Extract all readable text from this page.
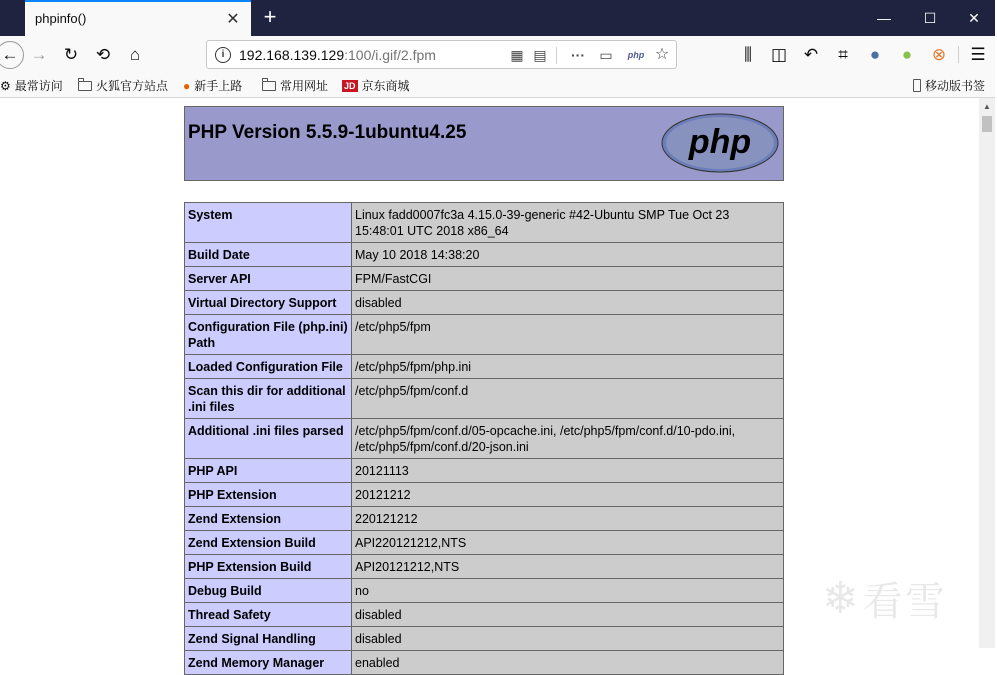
phpinfo()	✕ +	—	☐	✕
← → ↻ ⟲	⌂	i	192.168.139.129:100/i.gif/2.fpm	▦ ▤	···	▭	php ☆	⫼	◫ ↶	⌗	●	●	⊗ ☰
⚙ 最常访问	火狐官方站点 ● 新手上路	常用网址 JD 京东商城	移动版书签
PHP Version 5.5.9-1ubuntu4.25	php
System	Linux fadd0007fc3a 4.15.0-39-generic #42-Ubuntu SMP Tue Oct 23 15:48:01 UTC 2018 x86_64
Build Date	May 10 2018 14:38:20
Server API	FPM/FastCGI
Virtual Directory Support	disabled
Configuration File (php.ini) Path	/etc/php5/fpm
Loaded Configuration File	/etc/php5/fpm/php.ini
Scan this dir for additional .ini files	/etc/php5/fpm/conf.d
Additional .ini files parsed	/etc/php5/fpm/conf.d/05-opcache.ini, /etc/php5/fpm/conf.d/10-pdo.ini, /etc/php5/fpm/conf.d/20-json.ini
PHP API	20121113
PHP Extension	20121212
Zend Extension	220121212
Zend Extension Build	API220121212,NTS
PHP Extension Build	API20121212,NTS
Debug Build	no
Thread Safety	disabled
Zend Signal Handling	disabled
Zend Memory Manager	enabled
❄ 看雪
▲
